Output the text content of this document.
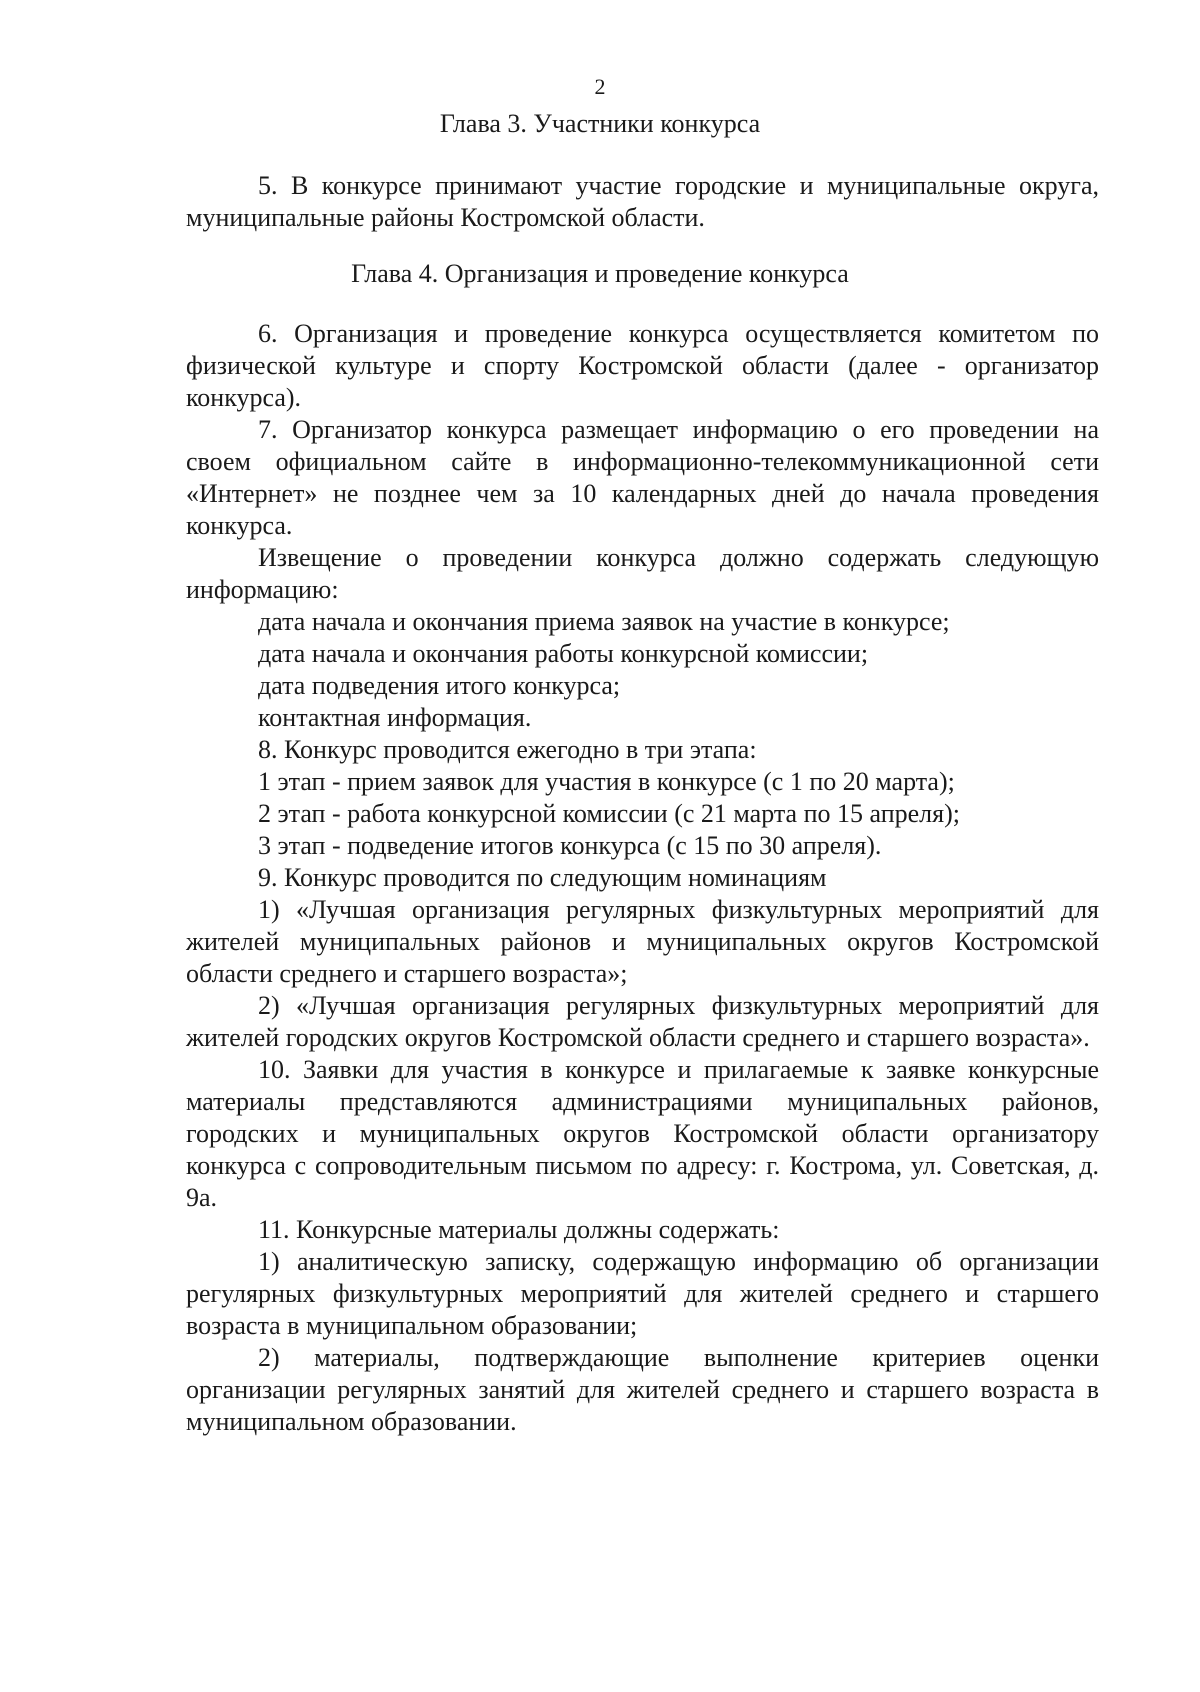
2
Глава 3. Участники конкурса

5. В конкурсе принимают участие городские и муниципальные округа, муниципальные районы Костромской области.

Глава 4. Организация и проведение конкурса

6. Организация и проведение конкурса осуществляется комитетом по физической культуре и спорту Костромской области (далее - организатор конкурса).

7. Организатор конкурса размещает информацию о его проведении на своем официальном сайте в информационно-телекоммуникационной сети «Интернет» не позднее чем за 10 календарных дней до начала проведения конкурса.

Извещение о проведении конкурса должно содержать следующую информацию:

дата начала и окончания приема заявок на участие в конкурсе;

дата начала и окончания работы конкурсной комиссии;

дата подведения итого конкурса;

контактная информация.

8. Конкурс проводится ежегодно в три этапа:

1 этап - прием заявок для участия в конкурсе (с 1 по 20 марта);

2 этап - работа конкурсной комиссии (с 21 марта по 15 апреля);

3 этап - подведение итогов конкурса (с 15 по 30 апреля).

9. Конкурс проводится по следующим номинациям

1) «Лучшая организация регулярных физкультурных мероприятий для жителей муниципальных районов и муниципальных округов Костромской области среднего и старшего возраста»;

2) «Лучшая организация регулярных физкультурных мероприятий для жителей городских округов Костромской области среднего и старшего возраста».

10. Заявки для участия в конкурсе и прилагаемые к заявке конкурсные материалы представляются администрациями муниципальных районов, городских и муниципальных округов Костромской области организатору конкурса с сопроводительным письмом по адресу: г. Кострома, ул. Советская, д. 9а.

11. Конкурсные материалы должны содержать:

1) аналитическую записку, содержащую информацию об организации регулярных физкультурных мероприятий для жителей среднего и старшего возраста в муниципальном образовании;

2) материалы, подтверждающие выполнение критериев оценки организации регулярных занятий для жителей среднего и старшего возраста в муниципальном образовании.
